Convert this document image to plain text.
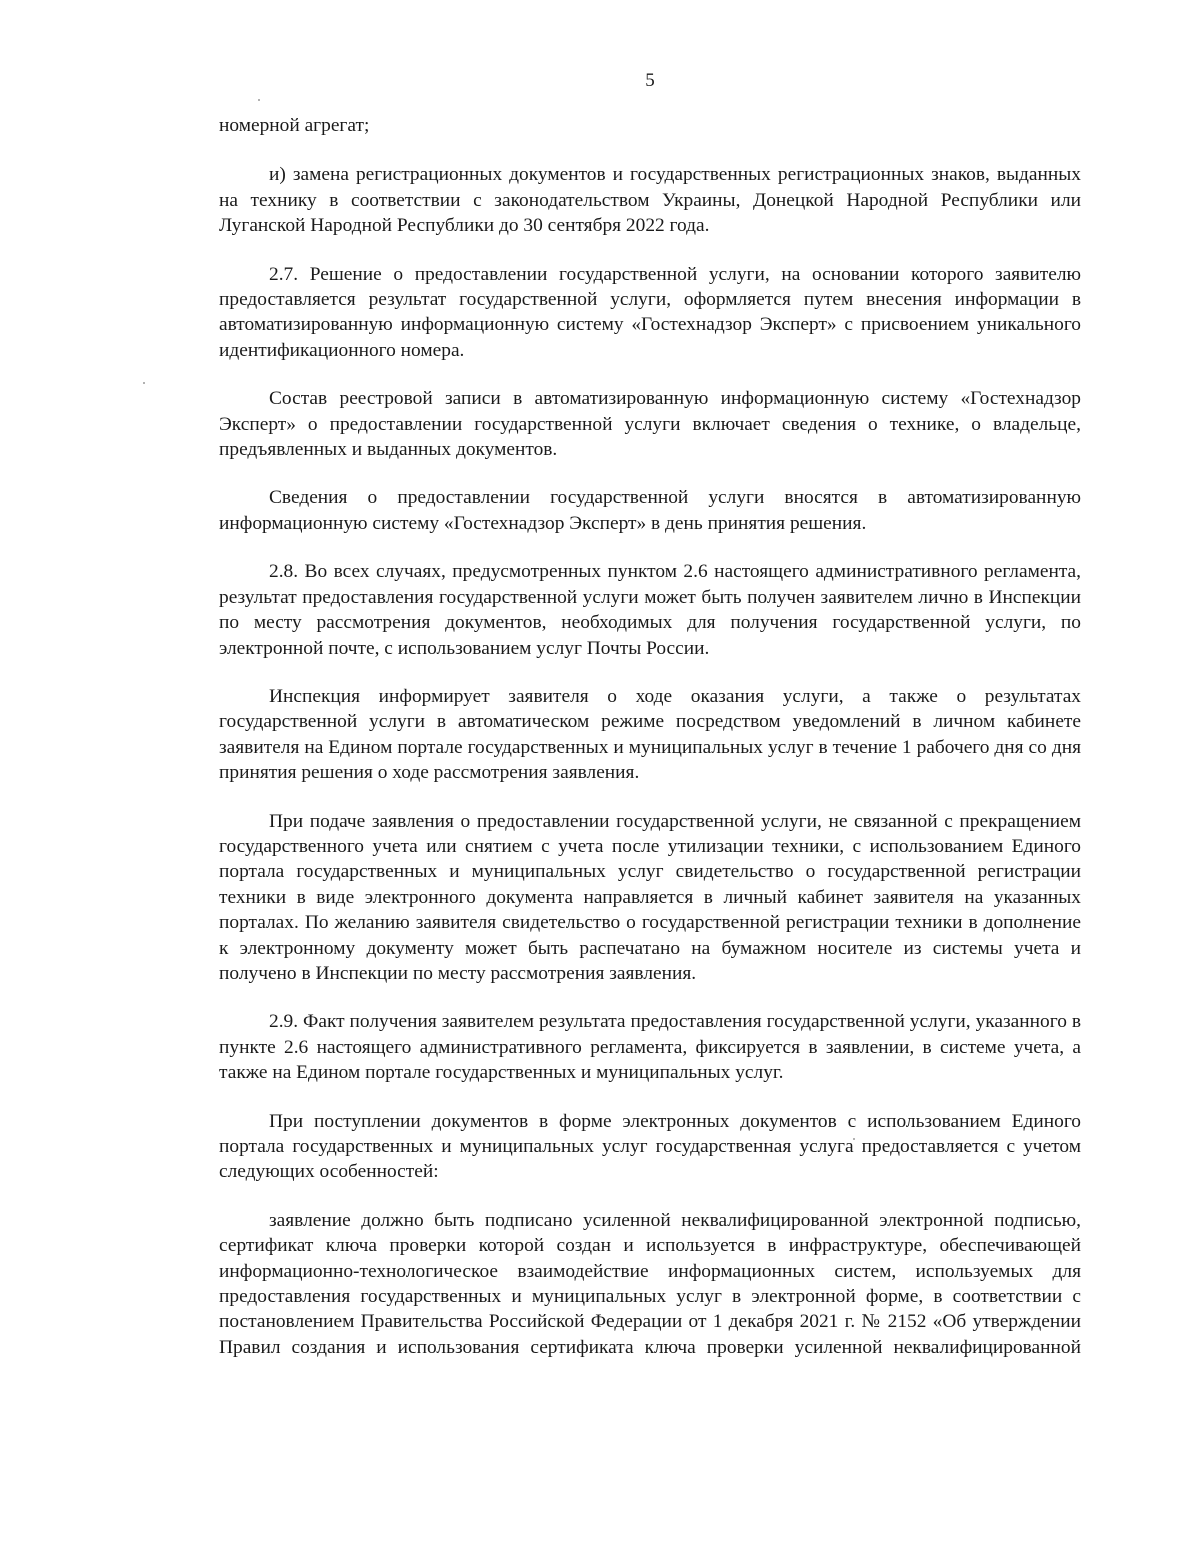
5

номерной агрегат;

и) замена регистрационных документов и государственных регистрационных знаков, выданных на технику в соответствии с законодательством Украины, Донецкой Народной Республики или Луганской Народной Республики до 30 сентября 2022 года.

2.7. Решение о предоставлении государственной услуги, на основании которого заявителю предоставляется результат государственной услуги, оформляется путем внесения информации в автоматизированную информационную систему «Гостехнадзор Эксперт» с присвоением уникального идентификационного номера.

Состав реестровой записи в автоматизированную информационную систему «Гостехнадзор Эксперт» о предоставлении государственной услуги включает сведения о технике, о владельце, предъявленных и выданных документов.

Сведения о предоставлении государственной услуги вносятся в автоматизированную информационную систему «Гостехнадзор Эксперт» в день принятия решения.

2.8. Во всех случаях, предусмотренных пунктом 2.6 настоящего административного регламента, результат предоставления государственной услуги может быть получен заявителем лично в Инспекции по месту рассмотрения документов, необходимых для получения государственной услуги, по электронной почте, с использованием услуг Почты России.

Инспекция информирует заявителя о ходе оказания услуги, а также о результатах государственной услуги в автоматическом режиме посредством уведомлений в личном кабинете заявителя на Едином портале государственных и муниципальных услуг в течение 1 рабочего дня со дня принятия решения о ходе рассмотрения заявления.

При подаче заявления о предоставлении государственной услуги, не связанной с прекращением государственного учета или снятием с учета после утилизации техники, с использованием Единого портала государственных и муниципальных услуг свидетельство о государственной регистрации техники в виде электронного документа направляется в личный кабинет заявителя на указанных порталах. По желанию заявителя свидетельство о государственной регистрации техники в дополнение к электронному документу может быть распечатано на бумажном носителе из системы учета и получено в Инспекции по месту рассмотрения заявления.

2.9. Факт получения заявителем результата предоставления государственной услуги, указанного в пункте 2.6 настоящего административного регламента, фиксируется в заявлении, в системе учета, а также на Едином портале государственных и муниципальных услуг.

При поступлении документов в форме электронных документов с использованием Единого портала государственных и муниципальных услуг государственная услуга предоставляется с учетом следующих особенностей:

заявление должно быть подписано усиленной неквалифицированной электронной подписью, сертификат ключа проверки которой создан и используется в инфраструктуре, обеспечивающей информационно-технологическое взаимодействие информационных систем, используемых для предоставления государственных и муниципальных услуг в электронной форме, в соответствии с постановлением Правительства Российской Федерации от 1 декабря 2021 г. № 2152 «Об утверждении Правил создания и использования сертификата ключа проверки усиленной неквалифицированной
